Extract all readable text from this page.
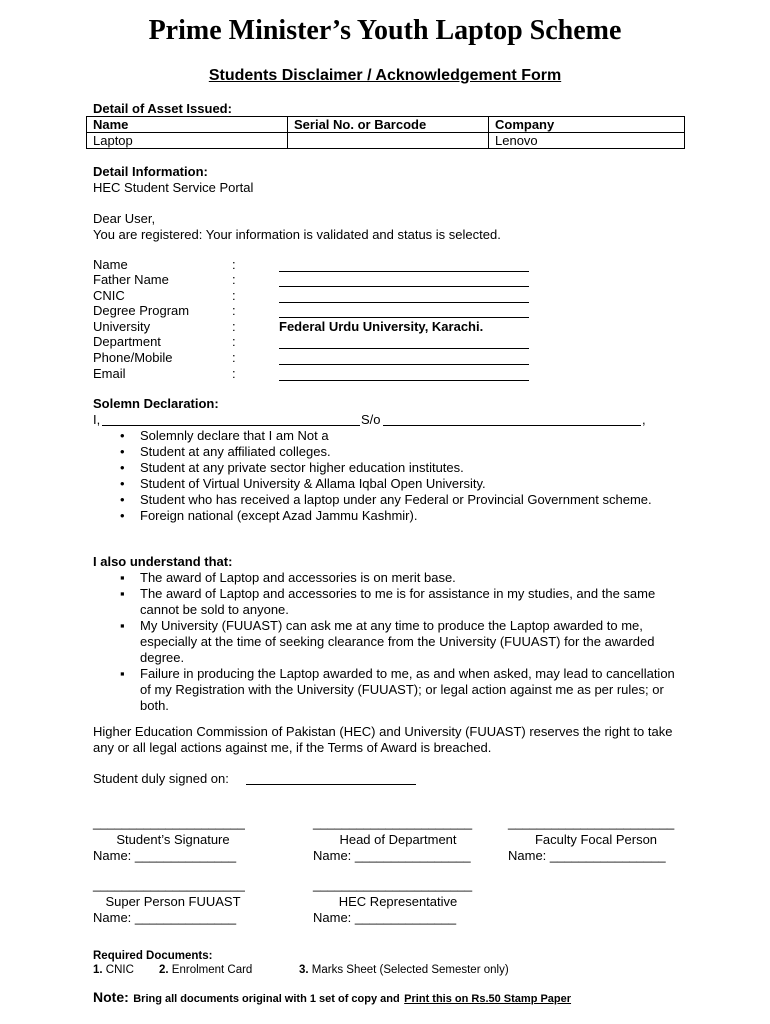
Prime Minister’s Youth Laptop Scheme
Students Disclaimer / Acknowledgement Form
Detail of Asset Issued:
Name	Serial No. or Barcode	Company
Laptop		Lenovo
Detail Information:
HEC Student Service Portal
Dear User,
You are registered: Your information is validated and status is selected.
Name	:
Father Name	:
CNIC	:
Degree Program	:
University	:	Federal Urdu University, Karachi.
Department	:
Phone/Mobile	:
Email	:
Solemn Declaration:
I,	S/o	,
• Solemnly declare that I am Not a
• Student at any affiliated colleges.
• Student at any private sector higher education institutes.
• Student of Virtual University & Allama Iqbal Open University.
• Student who has received a laptop under any Federal or Provincial Government scheme.
• Foreign national (except Azad Jammu Kashmir).
I also understand that:
▪ The award of Laptop and accessories is on merit base.
▪ The award of Laptop and accessories to me is for assistance in my studies, and the same cannot be sold to anyone.
▪ My University (FUUAST) can ask me at any time to produce the Laptop awarded to me, especially at the time of seeking clearance from the University (FUUAST) for the awarded degree.
▪ Failure in producing the Laptop awarded to me, as and when asked, may lead to cancellation of my Registration with the University (FUUAST); or legal action against me as per rules; or both.
Higher Education Commission of Pakistan (HEC) and University (FUUAST) reserves the right to take any or all legal actions against me, if the Terms of Award is breached.
Student duly signed on:
_____________________
Student’s Signature
Name: ______________
______________________
Head of Department
Name: ________________
_______________________
Faculty Focal Person
Name: ________________
_____________________
Super Person FUUAST
Name: ______________
______________________
HEC Representative
Name: ______________
Required Documents:
1. CNIC 2. Enrolment Card	3. Marks Sheet (Selected Semester only)
Note: Bring all documents original with 1 set of copy and Print this on Rs.50 Stamp Paper
